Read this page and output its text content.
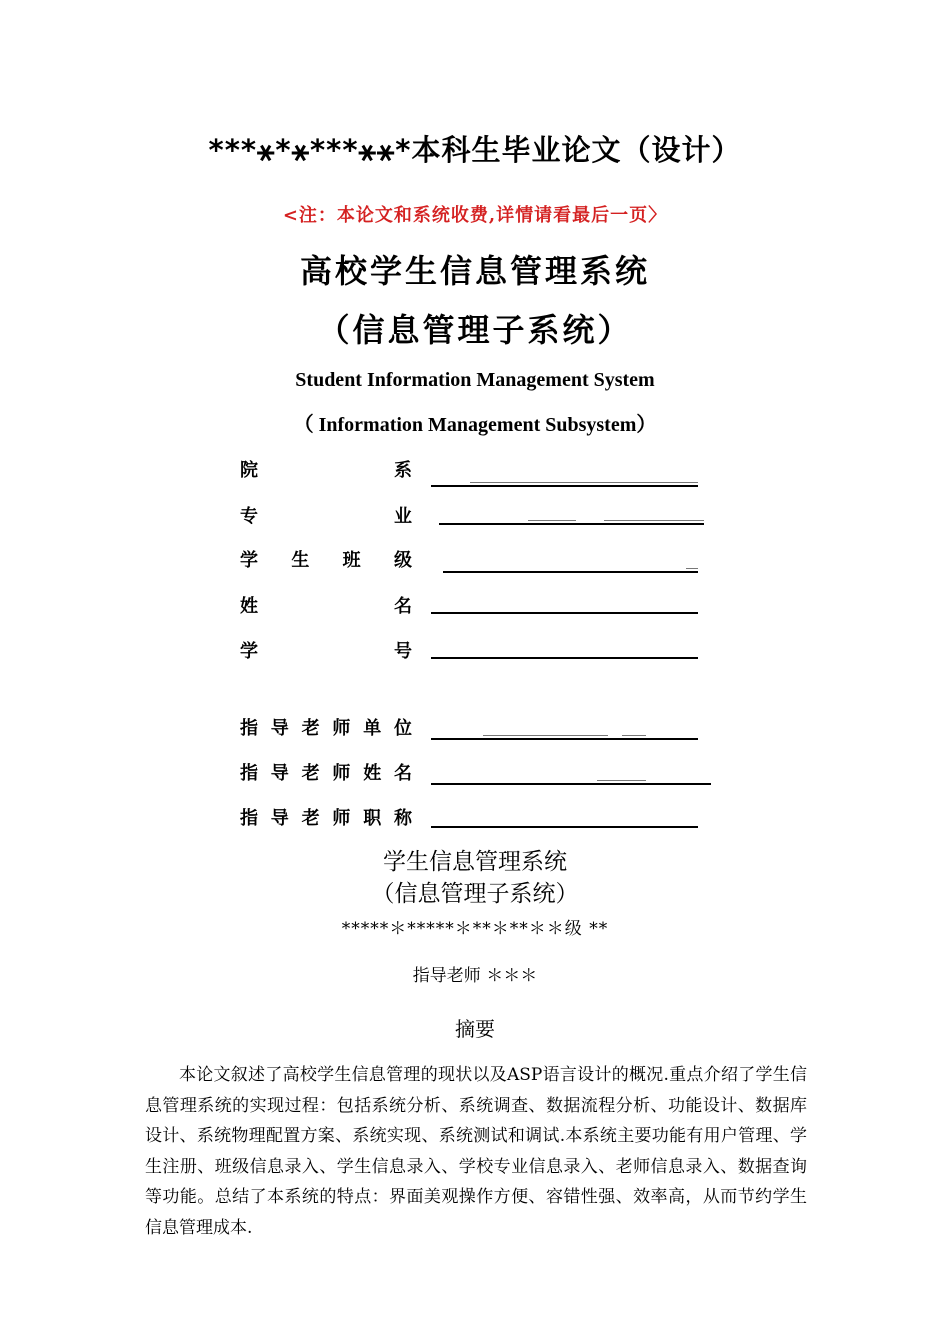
***⚹*⚹***⚹⚹*本科生毕业论文（设计）
<注：本论文和系统收费,详情请看最后一页〉
高校学生信息管理系统
（信息管理子系统）
Student Information Management System
（ Information Management Subsystem）
院	系
专	业
学 生 班 级
姓	名
学	号
指 导 老 师 单 位
指 导 老 师 姓 名
指 导 老 师 职 称
学生信息管理系统
（信息管理子系统）
*****＊*****＊**＊**＊＊级 **
指导老师 ＊＊＊
摘要
本论文叙述了高校学生信息管理的现状以及ASP语言设计的概况.重点介绍了学生信息管理系统的实现过程：包括系统分析、系统调查、数据流程分析、功能设计、数据库设计、系统物理配置方案、系统实现、系统测试和调试.本系统主要功能有用户管理、学生注册、班级信息录入、学生信息录入、学校专业信息录入、老师信息录入、数据查询等功能。总结了本系统的特点：界面美观操作方便、容错性强、效率高，从而节约学生信息管理成本.
